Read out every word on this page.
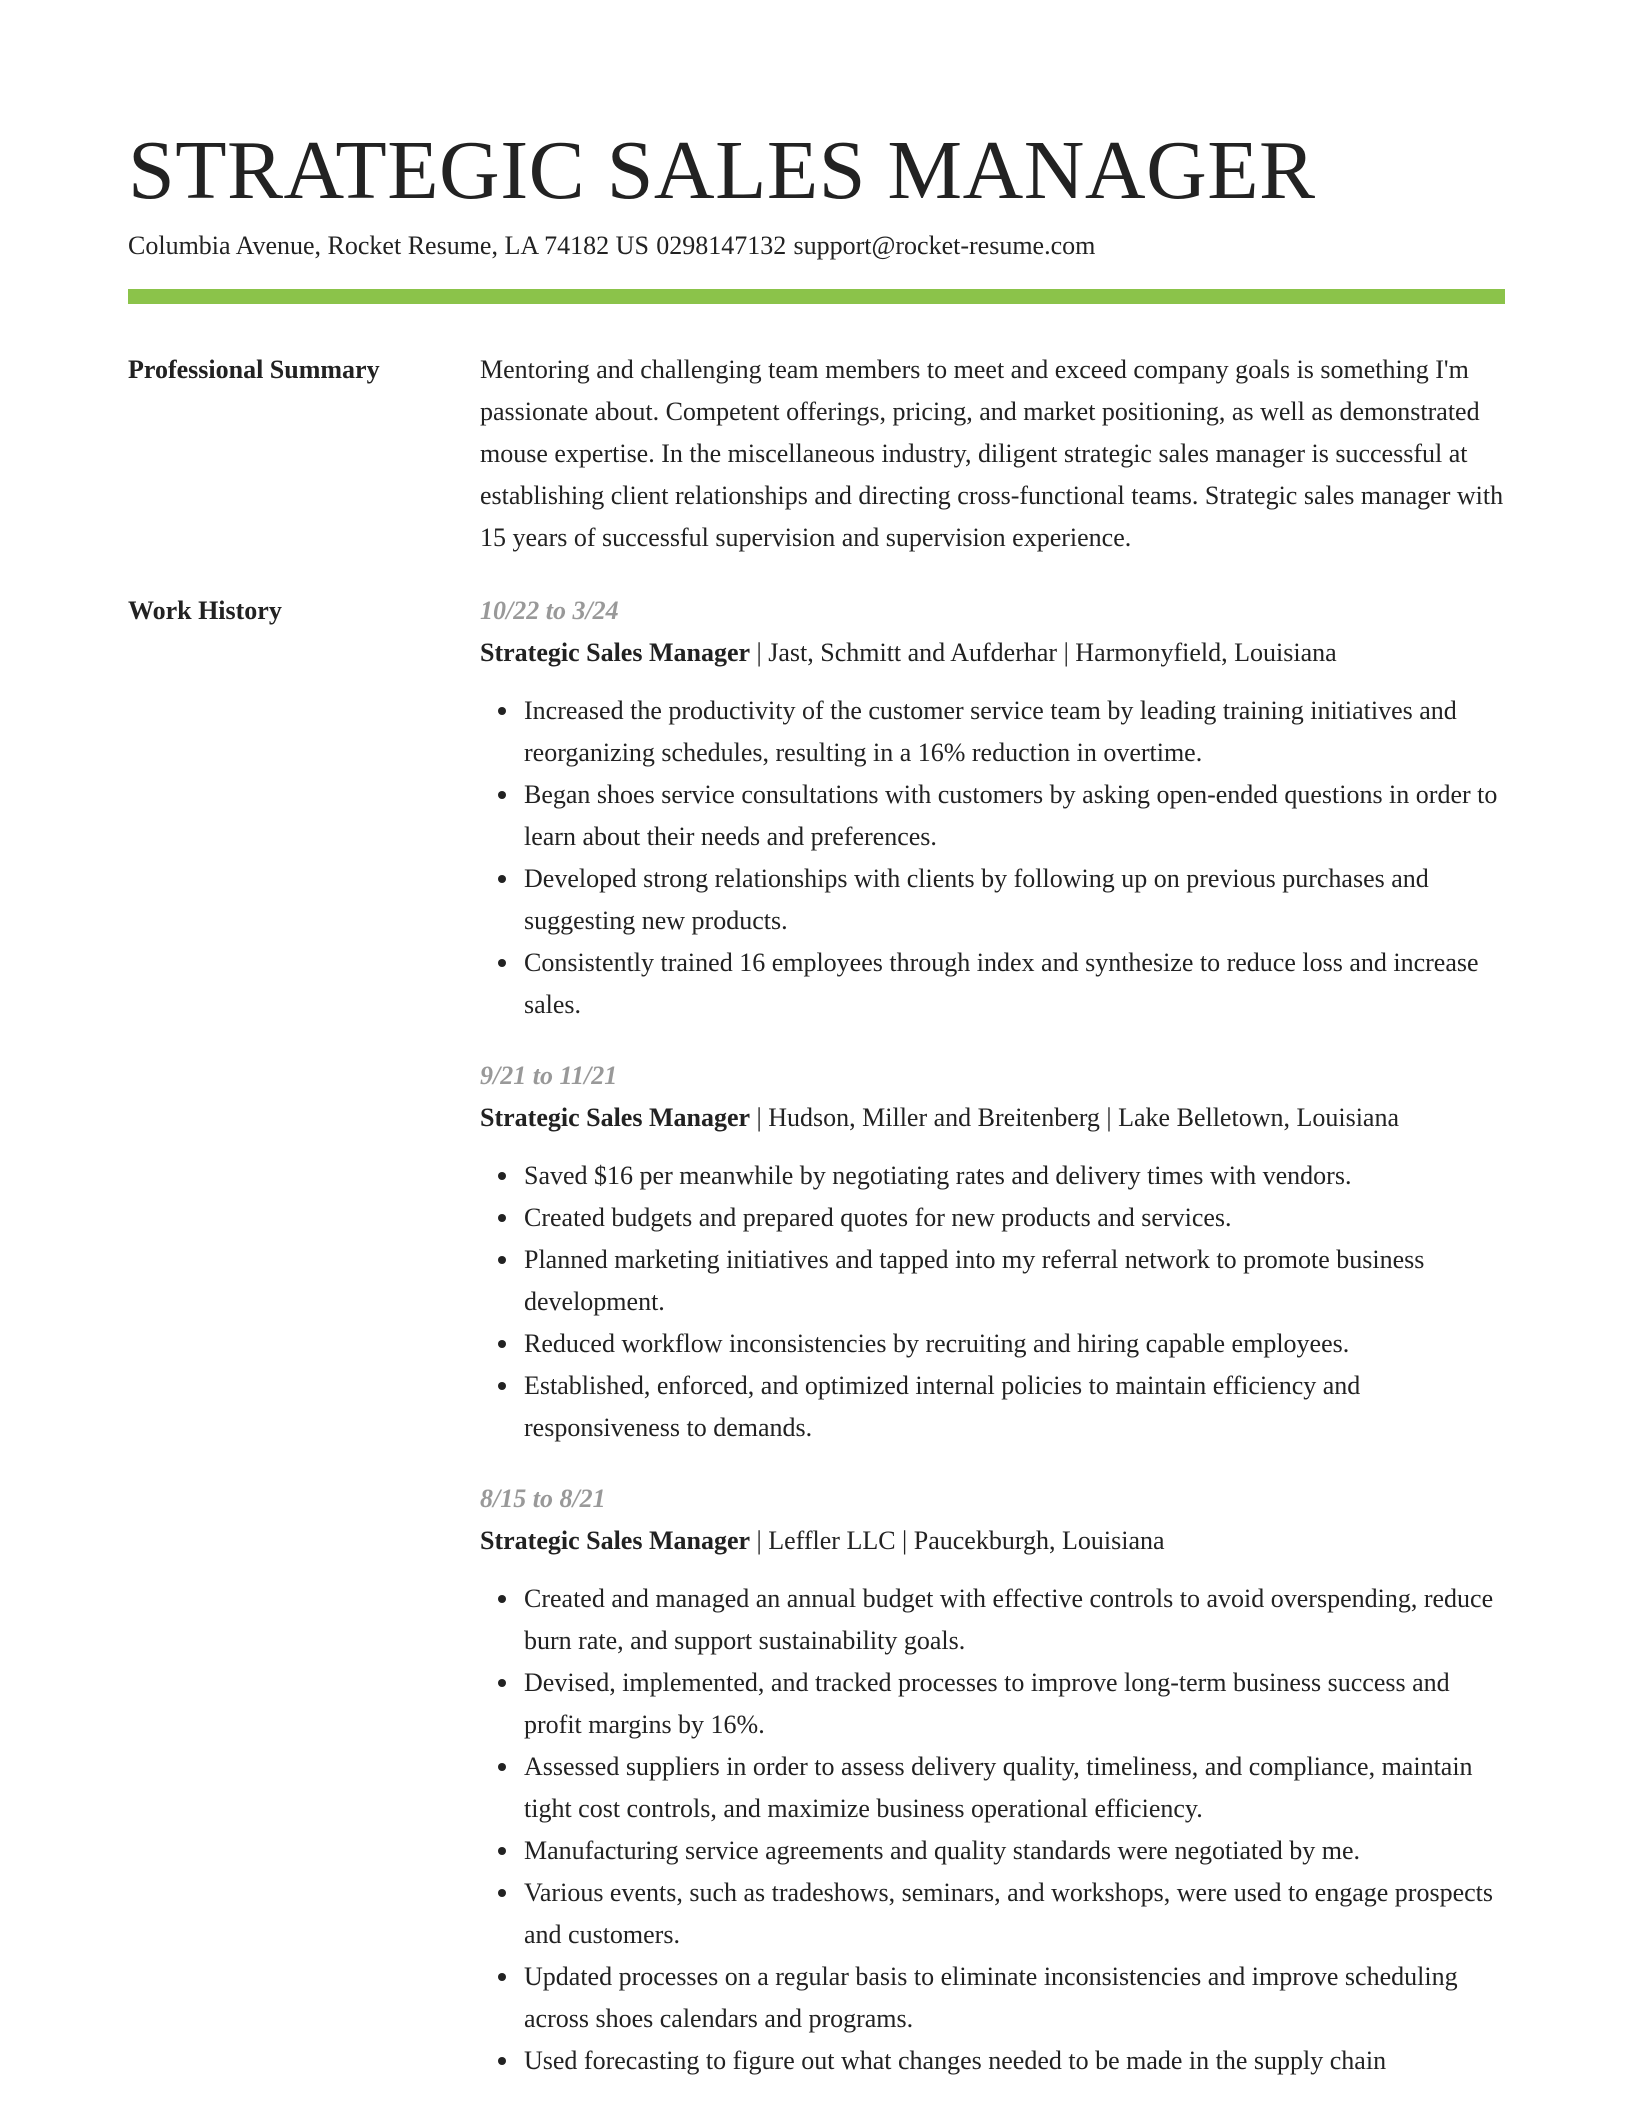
STRATEGIC SALES MANAGER
Columbia Avenue, Rocket Resume, LA 74182 US 0298147132 support@rocket-resume.com
Professional Summary	Mentoring and challenging team members to meet and exceed company goals is something I'm passionate about. Competent offerings, pricing, and market positioning, as well as demonstrated mouse expertise. In the miscellaneous industry, diligent strategic sales manager is successful at establishing client relationships and directing cross-functional teams. Strategic sales manager with 15 years of successful supervision and supervision experience.

Work History	10/22 to 3/24
Strategic Sales Manager | Jast, Schmitt and Aufderhar | Harmonyfield, Louisiana
Increased the productivity of the customer service team by leading training initiatives and reorganizing schedules, resulting in a 16% reduction in overtime.
Began shoes service consultations with customers by asking open-ended questions in order to learn about their needs and preferences.
Developed strong relationships with clients by following up on previous purchases and suggesting new products.
Consistently trained 16 employees through index and synthesize to reduce loss and increase sales.
9/21 to 11/21
Strategic Sales Manager | Hudson, Miller and Breitenberg | Lake Belletown, Louisiana
Saved $16 per meanwhile by negotiating rates and delivery times with vendors.
Created budgets and prepared quotes for new products and services.
Planned marketing initiatives and tapped into my referral network to promote business development.
Reduced workflow inconsistencies by recruiting and hiring capable employees.
Established, enforced, and optimized internal policies to maintain efficiency and responsiveness to demands.
8/15 to 8/21
Strategic Sales Manager | Leffler LLC | Paucekburgh, Louisiana
Created and managed an annual budget with effective controls to avoid overspending, reduce burn rate, and support sustainability goals.
Devised, implemented, and tracked processes to improve long-term business success and profit margins by 16%.
Assessed suppliers in order to assess delivery quality, timeliness, and compliance, maintain tight cost controls, and maximize business operational efficiency.
Manufacturing service agreements and quality standards were negotiated by me.
Various events, such as tradeshows, seminars, and workshops, were used to engage prospects and customers.
Updated processes on a regular basis to eliminate inconsistencies and improve scheduling across shoes calendars and programs.
Used forecasting to figure out what changes needed to be made in the supply chain
